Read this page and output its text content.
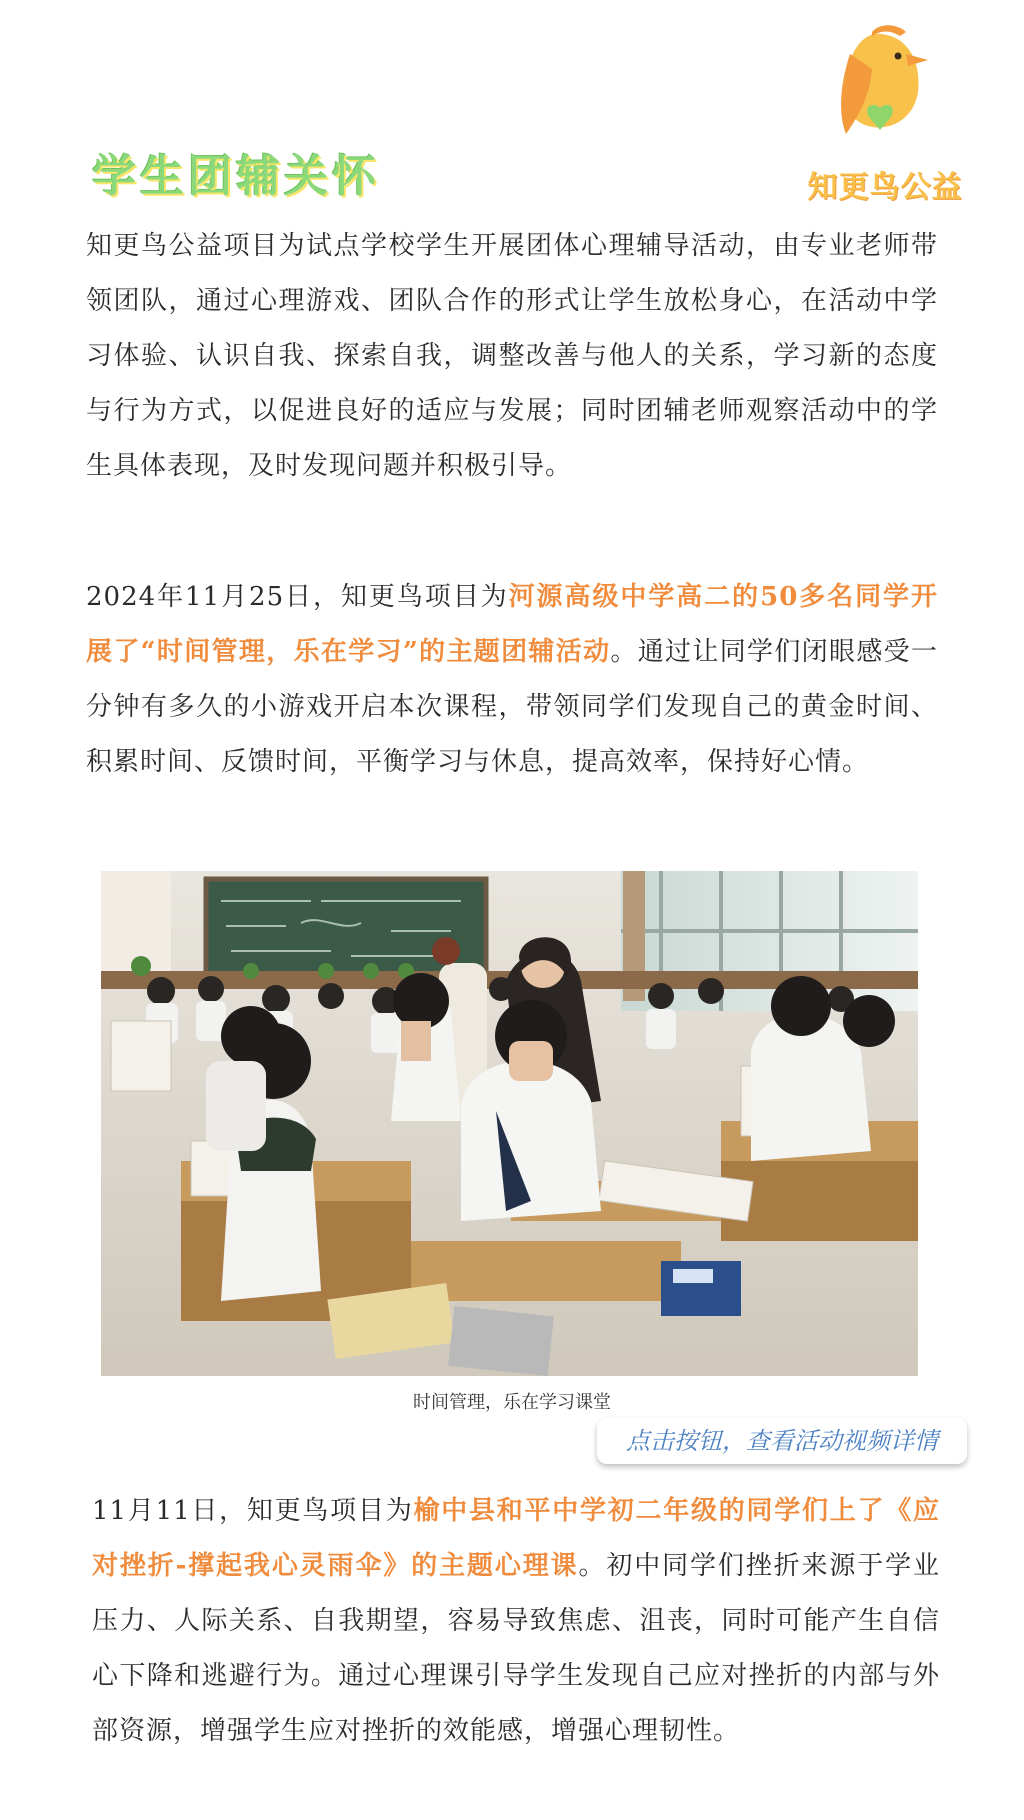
知更鸟公益
学生团辅关怀

知更鸟公益项目为试点学校学生开展团体心理辅导活动，由专业老师带领团队，通过心理游戏、团队合作的形式让学生放松身心，在活动中学习体验、认识自我、探索自我，调整改善与他人的关系，学习新的态度与行为方式，以促进良好的适应与发展；同时团辅老师观察活动中的学生具体表现，及时发现问题并积极引导。

2024年11月25日，知更鸟项目为河源高级中学高二的50多名同学开展了“时间管理，乐在学习”的主题团辅活动。通过让同学们闭眼感受一分钟有多久的小游戏开启本次课程，带领同学们发现自己的黄金时间、积累时间、反馈时间，平衡学习与休息，提高效率，保持好心情。

时间管理，乐在学习课堂
点击按钮，查看活动视频详情

11月11日，知更鸟项目为榆中县和平中学初二年级的同学们上了《应对挫折-撑起我心灵雨伞》的主题心理课。初中同学们挫折来源于学业压力、人际关系、自我期望，容易导致焦虑、沮丧，同时可能产生自信心下降和逃避行为。通过心理课引导学生发现自己应对挫折的内部与外部资源，增强学生应对挫折的效能感，增强心理韧性。
